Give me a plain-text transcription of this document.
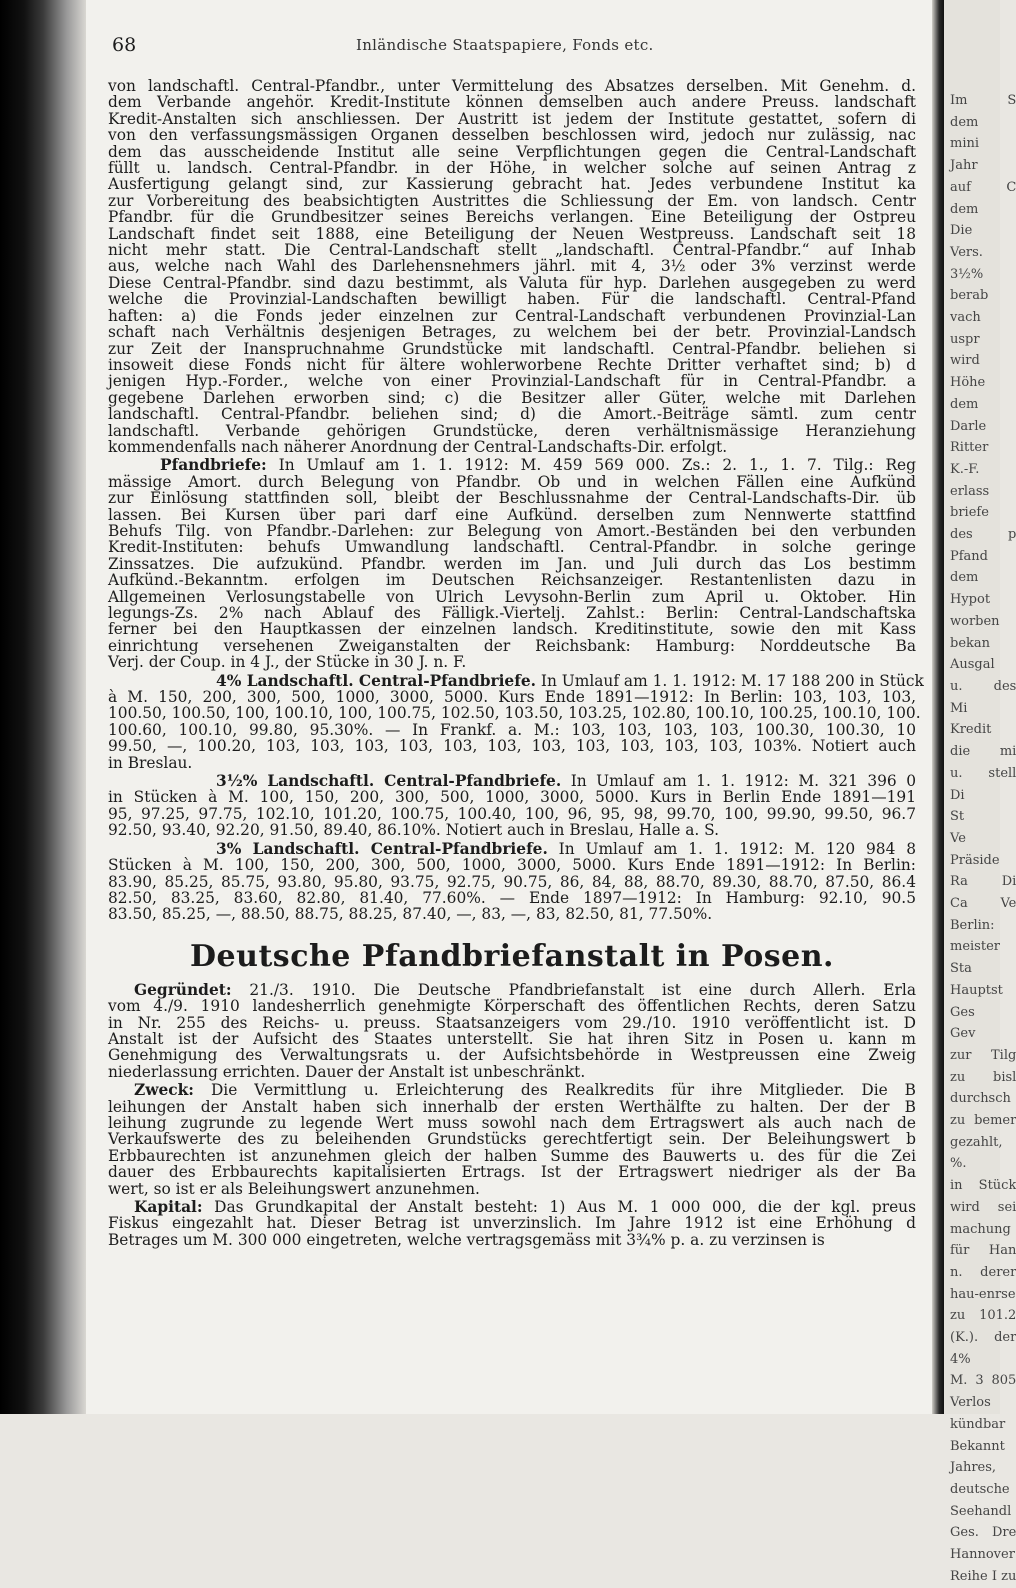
68	Inländische Staatspapiere, Fonds etc.
von landschaftl. Central-Pfandbr., unter Vermittelung des Absatzes derselben. Mit Genehm. d.
dem Verbande angehör. Kredit-Institute können demselben auch andere Preuss. landschaft
Kredit-Anstalten sich anschliessen. Der Austritt ist jedem der Institute gestattet, sofern di
von den verfassungsmässigen Organen desselben beschlossen wird, jedoch nur zulässig, nac
dem das ausscheidende Institut alle seine Verpflichtungen gegen die Central-Landschaft
füllt u. landsch. Central-Pfandbr. in der Höhe, in welcher solche auf seinen Antrag z
Ausfertigung gelangt sind, zur Kassierung gebracht hat. Jedes verbundene Institut ka
zur Vorbereitung des beabsichtigten Austrittes die Schliessung der Em. von landsch. Centr
Pfandbr. für die Grundbesitzer seines Bereichs verlangen. Eine Beteiligung der Ostpreu
Landschaft findet seit 1888, eine Beteiligung der Neuen Westpreuss. Landschaft seit 18
nicht mehr statt. Die Central-Landschaft stellt „landschaftl. Central-Pfandbr.“ auf Inhab
aus, welche nach Wahl des Darlehensnehmers jährl. mit 4, 3½ oder 3% verzinst werde
Diese Central-Pfandbr. sind dazu bestimmt, als Valuta für hyp. Darlehen ausgegeben zu werd
welche die Provinzial-Landschaften bewilligt haben. Für die landschaftl. Central-Pfand
haften: a) die Fonds jeder einzelnen zur Central-Landschaft verbundenen Provinzial-Lan
schaft nach Verhältnis desjenigen Betrages, zu welchem bei der betr. Provinzial-Landsch
zur Zeit der Inanspruchnahme Grundstücke mit landschaftl. Central-Pfandbr. beliehen si
insoweit diese Fonds nicht für ältere wohlerworbene Rechte Dritter verhaftet sind; b) d
jenigen Hyp.-Forder., welche von einer Provinzial-Landschaft für in Central-Pfandbr. a
gegebene Darlehen erworben sind; c) die Besitzer aller Güter, welche mit Darlehen
landschaftl. Central-Pfandbr. beliehen sind; d) die Amort.-Beiträge sämtl. zum centr
landschaftl. Verbande gehörigen Grundstücke, deren verhältnismässige Heranziehung
kommendenfalls nach näherer Anordnung der Central-Landschafts-Dir. erfolgt.
Pfandbriefe: In Umlauf am 1. 1. 1912: M. 459 569 000. Zs.: 2. 1., 1. 7. Tilg.: Reg
mässige Amort. durch Belegung von Pfandbr. Ob und in welchen Fällen eine Aufkünd
zur Einlösung stattfinden soll, bleibt der Beschlussnahme der Central-Landschafts-Dir. üb
lassen. Bei Kursen über pari darf eine Aufkünd. derselben zum Nennwerte stattfind
Behufs Tilg. von Pfandbr.-Darlehen: zur Belegung von Amort.-Beständen bei den verbunden
Kredit-Instituten: behufs Umwandlung landschaftl. Central-Pfandbr. in solche geringe
Zinssatzes. Die aufzukünd. Pfandbr. werden im Jan. und Juli durch das Los bestimm
Aufkünd.-Bekanntm. erfolgen im Deutschen Reichsanzeiger. Restantenlisten dazu in
Allgemeinen Verlosungstabelle von Ulrich Levysohn-Berlin zum April u. Oktober. Hin
legungs-Zs. 2% nach Ablauf des Fälligk.-Viertelj. Zahlst.: Berlin: Central-Landschaftska
ferner bei den Hauptkassen der einzelnen landsch. Kreditinstitute, sowie den mit Kass
einrichtung versehenen Zweiganstalten der Reichsbank: Hamburg: Norddeutsche Ba
Verj. der Coup. in 4 J., der Stücke in 30 J. n. F.
4% Landschaftl. Central-Pfandbriefe. In Umlauf am 1. 1. 1912: M. 17 188 200 in Stück
à M. 150, 200, 300, 500, 1000, 3000, 5000. Kurs Ende 1891—1912: In Berlin: 103, 103, 103,
100.50, 100.50, 100, 100.10, 100, 100.75, 102.50, 103.50, 103.25, 102.80, 100.10, 100.25, 100.10, 100.
100.60, 100.10, 99.80, 95.30%. — In Frankf. a. M.: 103, 103, 103, 103, 100.30, 100.30, 10
99.50, —, 100.20, 103, 103, 103, 103, 103, 103, 103, 103, 103, 103, 103, 103%. Notiert auch
in Breslau.
3½% Landschaftl. Central-Pfandbriefe. In Umlauf am 1. 1. 1912: M. 321 396 0
in Stücken à M. 100, 150, 200, 300, 500, 1000, 3000, 5000. Kurs in Berlin Ende 1891—191
95, 97.25, 97.75, 102.10, 101.20, 100.75, 100.40, 100, 96, 95, 98, 99.70, 100, 99.90, 99.50, 96.7
92.50, 93.40, 92.20, 91.50, 89.40, 86.10%. Notiert auch in Breslau, Halle a. S.
3% Landschaftl. Central-Pfandbriefe. In Umlauf am 1. 1. 1912: M. 120 984 8
Stücken à M. 100, 150, 200, 300, 500, 1000, 3000, 5000. Kurs Ende 1891—1912: In Berlin:
83.90, 85.25, 85.75, 93.80, 95.80, 93.75, 92.75, 90.75, 86, 84, 88, 88.70, 89.30, 88.70, 87.50, 86.4
82.50, 83.25, 83.60, 82.80, 81.40, 77.60%. — Ende 1897—1912: In Hamburg: 92.10, 90.5
83.50, 85.25, —, 88.50, 88.75, 88.25, 87.40, —, 83, —, 83, 82.50, 81, 77.50%.
Deutsche Pfandbriefanstalt in Posen.
Gegründet: 21./3. 1910. Die Deutsche Pfandbriefanstalt ist eine durch Allerh. Erla
vom 4./9. 1910 landesherrlich genehmigte Körperschaft des öffentlichen Rechts, deren Satzu
in Nr. 255 des Reichs- u. preuss. Staatsanzeigers vom 29./10. 1910 veröffentlicht ist. D
Anstalt ist der Aufsicht des Staates unterstellt. Sie hat ihren Sitz in Posen u. kann m
Genehmigung des Verwaltungsrats u. der Aufsichtsbehörde in Westpreussen eine Zweig
niederlassung errichten. Dauer der Anstalt ist unbeschränkt.
Zweck: Die Vermittlung u. Erleichterung des Realkredits für ihre Mitglieder. Die B
leihungen der Anstalt haben sich innerhalb der ersten Werthälfte zu halten. Der der B
leihung zugrunde zu legende Wert muss sowohl nach dem Ertragswert als auch nach de
Verkaufswerte des zu beleihenden Grundstücks gerechtfertigt sein. Der Beleihungswert b
Erbbaurechten ist anzunehmen gleich der halben Summe des Bauwerts u. des für die Zei
dauer des Erbbaurechts kapitalisierten Ertrags. Ist der Ertragswert niedriger als der Ba
wert, so ist er als Beleihungswert anzunehmen.
Kapital: Das Grundkapital der Anstalt besteht: 1) Aus M. 1 000 000, die der kgl. preus
Fiskus eingezahlt hat. Dieser Betrag ist unverzinslich. Im Jahre 1912 ist eine Erhöhung d
Betrages um M. 300 000 eingetreten, welche vertragsgemäss mit 3¾% p. a. zu verzinsen is
Im S
dem
mini
Jahr
auf C
dem
Die
Vers.
3½%
berab
vach
uspr
wird
Höhe
dem
Darle
Ritter
K.-F.
erlass
briefe
des p
Pfand
dem
Hypot
worben
bekan
Ausgal
u. des
Mi
Kredit
die mi
u. stell
Di
St
Ve
Präside
Ra Di
Ca Ve
Berlin:
meister
Sta
Hauptst
Ges
Gev
zur Tilg
zu bisl
durchsch
zu bemer
gezahlt,
%.
in Stück
wird sei
machung
für Han
n. derer
hau-enrse
zu 101.2
(K.). der
4%
M. 3 805
Verlos
kündbar
Bekannt
Jahres,
deutsche
Seehandl
Ges. Dre
Hannover
Reihe I zu
